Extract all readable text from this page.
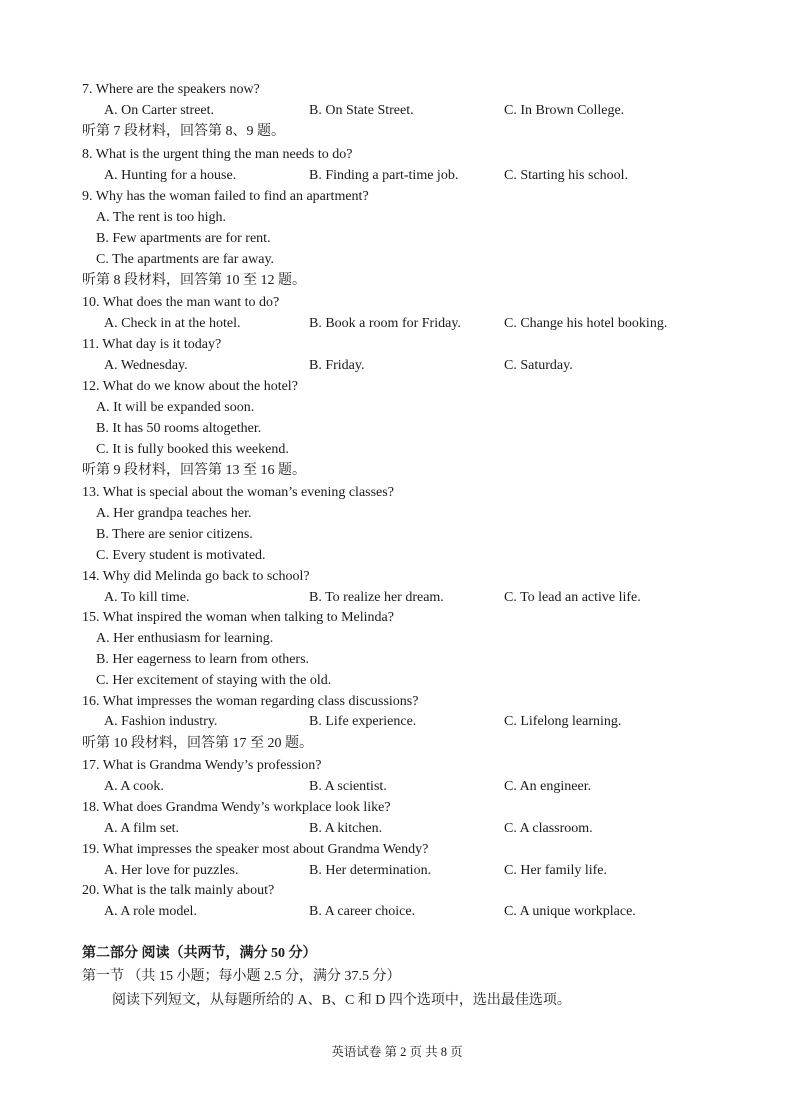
7. Where are the speakers now?
A. On Carter street.	B. On State Street.	C. In Brown College.
听第 7 段材料，回答第 8、9 题。
8. What is the urgent thing the man needs to do?
A. Hunting for a house.	B. Finding a part-time job.	C. Starting his school.
9. Why has the woman failed to find an apartment?
A. The rent is too high.
B. Few apartments are for rent.
C. The apartments are far away.
听第 8 段材料，回答第 10 至 12 题。
10. What does the man want to do?
A. Check in at the hotel.	B. Book a room for Friday.	C. Change his hotel booking.
11. What day is it today?
A. Wednesday.	B. Friday.	C. Saturday.
12. What do we know about the hotel?
A. It will be expanded soon.
B. It has 50 rooms altogether.
C. It is fully booked this weekend.
听第 9 段材料，回答第 13 至 16 题。
13. What is special about the woman’s evening classes?
A. Her grandpa teaches her.
B. There are senior citizens.
C. Every student is motivated.
14. Why did Melinda go back to school?
A. To kill time.	B. To realize her dream.	C. To lead an active life.
15. What inspired the woman when talking to Melinda?
A. Her enthusiasm for learning.
B. Her eagerness to learn from others.
C. Her excitement of staying with the old.
16. What impresses the woman regarding class discussions?
A. Fashion industry.	B. Life experience.	C. Lifelong learning.
听第 10 段材料，回答第 17 至 20 题。
17. What is Grandma Wendy’s profession?
A. A cook.	B. A scientist.	C. An engineer.
18. What does Grandma Wendy’s workplace look like?
A. A film set.	B. A kitchen.	C. A classroom.
19. What impresses the speaker most about Grandma Wendy?
A. Her love for puzzles.	B. Her determination.	C. Her family life.
20. What is the talk mainly about?
A. A role model.	B. A career choice.	C. A unique workplace.
第二部分 阅读（共两节，满分 50 分）
第一节 （共 15 小题；每小题 2.5 分，满分 37.5 分）
阅读下列短文，从每题所给的 A、B、C 和 D 四个选项中，选出最佳选项。
英语试卷 第 2 页 共 8 页
